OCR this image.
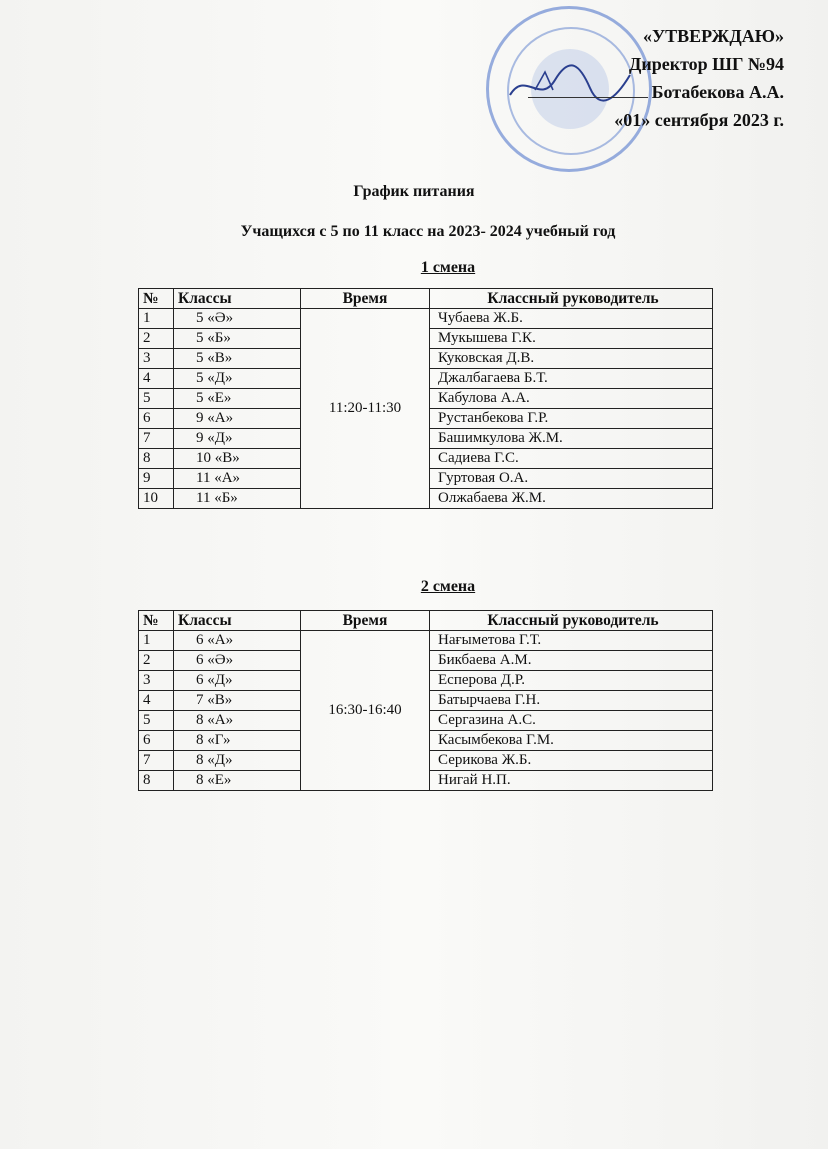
«УТВЕРЖДАЮ»
Директор ШГ №94
Ботабекова А.А.
«01» сентября 2023 г.
График питания
Учащихся с 5 по 11 класс на 2023- 2024 учебный год
1 смена
№	Классы	Время	Классный руководитель
1	5 «Ә»	11:20-11:30	Чубаева Ж.Б.
2	5 «Б»		Мукышева Г.К.
3	5 «В»		Куковская Д.В.
4	5 «Д»		Джалбагаева Б.Т.
5	5 «Е»		Кабулова А.А.
6	9 «А»		Рустанбекова Г.Р.
7	9 «Д»		Башимкулова Ж.М.
8	10 «В»		Садиева Г.С.
9	11 «А»		Гуртовая О.А.
10	11 «Б»		Олжабаева Ж.М.
2 смена
№	Классы	Время	Классный руководитель
1	6 «А»	16:30-16:40	Нағыметова Г.Т.
2	6 «Ә»		Бикбаева А.М.
3	6 «Д»		Есперова Д.Р.
4	7 «В»		Батырчаева Г.Н.
5	8 «А»		Сергазина А.С.
6	8 «Г»		Касымбекова Г.М.
7	8 «Д»		Серикова Ж.Б.
8	8 «Е»		Нигай Н.П.
